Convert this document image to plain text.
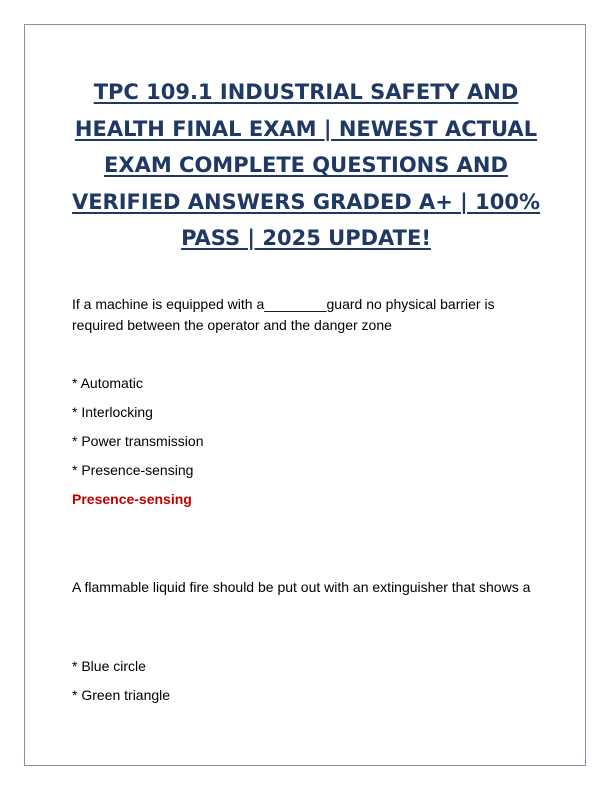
TPC 109.1 INDUSTRIAL SAFETY AND HEALTH FINAL EXAM | NEWEST ACTUAL EXAM COMPLETE QUESTIONS AND VERIFIED ANSWERS GRADED A+ | 100% PASS | 2025 UPDATE!

If a machine is equipped with a________guard no physical barrier is required between the operator and the danger zone

* Automatic

* Interlocking

* Power transmission

* Presence-sensing

Presence-sensing

A flammable liquid fire should be put out with an extinguisher that shows a

* Blue circle

* Green triangle
